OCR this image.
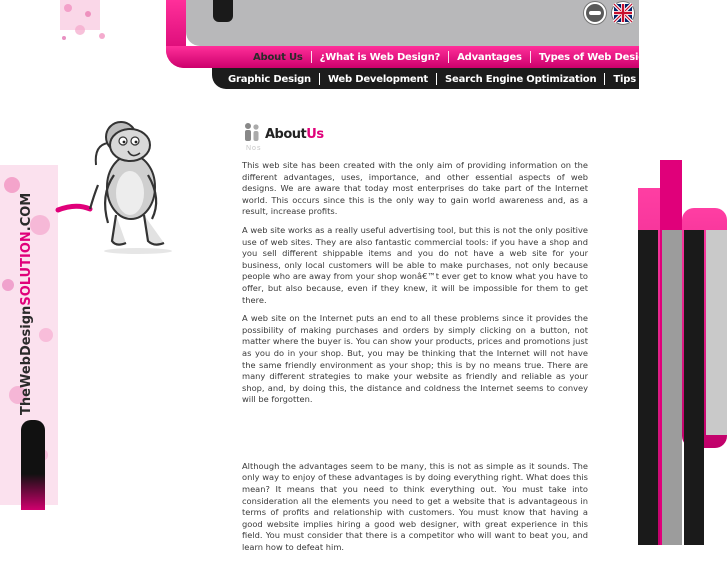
About Us	¿What is Web Design?	Advantages	Types of Web Design
Graphic Design	Web Development	Search Engine Optimization	Tips	Links
TheWebDesignSOLUTION.COM
AboutUs
Nos

This web site has been created with the only aim of providing information on the different advantages, uses, importance, and other essential aspects of web designs. We are aware that today most enterprises do take part of the Internet world. This occurs since this is the only way to gain world awareness and, as a result, increase profits.

A web site works as a really useful advertising tool, but this is not the only positive use of web sites. They are also fantastic commercial tools: if you have a shop and you sell different shippable items and you do not have a web site for your business, only local customers will be able to make purchases, not only because people who are away from your shop wonâ€™t ever get to know what you have to offer, but also because, even if they knew, it will be impossible for them to get there.

A web site on the Internet puts an end to all these problems since it provides the possibility of making purchases and orders by simply clicking on a button, not matter where the buyer is. You can show your products, prices and promotions just as you do in your shop. But, you may be thinking that the Internet will not have the same friendly environment as your shop; this is by no means true. There are many different strategies to make your website as friendly and reliable as your shop, and, by doing this, the distance and coldness the Internet seems to convey will be forgotten.

Although the advantages seem to be many, this is not as simple as it sounds. The only way to enjoy of these advantages is by doing everything right. What does this mean? It means that you need to think everything out. You must take into consideration all the elements you need to get a website that is advantageous in terms of profits and relationship with customers. You must know that having a good website implies hiring a good web designer, with great experience in this field. You must consider that there is a competitor who will want to beat you, and learn how to defeat him.
